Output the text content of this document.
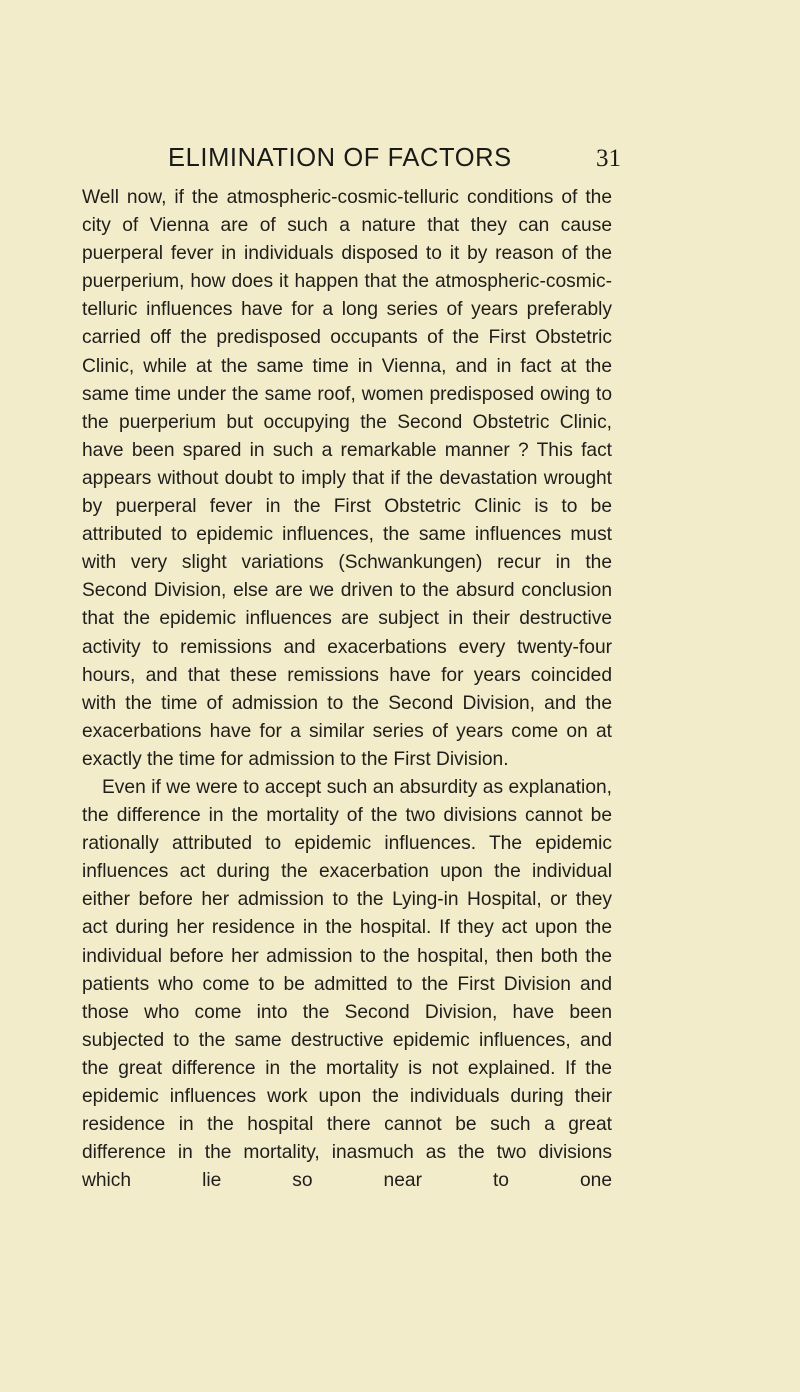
ELIMINATION OF FACTORS	31

Well now, if the atmospheric-cosmic-telluric conditions of the city of Vienna are of such a nature that they can cause puerperal fever in individuals disposed to it by reason of the puerperium, how does it happen that the atmospheric-cosmic-telluric influences have for a long series of years preferably carried off the predisposed occupants of the First Obstetric Clinic, while at the same time in Vienna, and in fact at the same time under the same roof, women predisposed owing to the puerperium but occupying the Second Obstetric Clinic, have been spared in such a remarkable manner ? This fact appears without doubt to imply that if the devastation wrought by puerperal fever in the First Obstetric Clinic is to be attributed to epidemic influences, the same influences must with very slight variations (Schwankungen) recur in the Second Division, else are we driven to the absurd conclusion that the epidemic influences are subject in their destructive activity to remissions and exacerbations every twenty-four hours, and that these remissions have for years coincided with the time of admission to the Second Division, and the exacerbations have for a similar series of years come on at exactly the time for admission to the First Division.

Even if we were to accept such an absurdity as explanation, the difference in the mortality of the two divisions cannot be rationally attributed to epidemic influences. The epidemic influences act during the exacerbation upon the individual either before her admission to the Lying-in Hospital, or they act during her residence in the hospital. If they act upon the individual before her admission to the hospital, then both the patients who come to be admitted to the First Division and those who come into the Second Division, have been subjected to the same destructive epidemic influences, and the great difference in the mortality is not explained. If the epidemic influences work upon the individuals during their residence in the hospital there cannot be such a great difference in the mortality, inasmuch as the two divisions which lie so near to one
